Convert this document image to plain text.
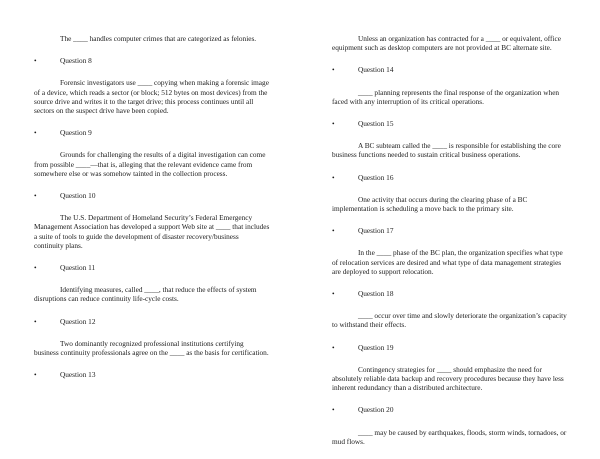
The ____ handles computer crimes that are categorized as felonies.

•	Question 8

Forensic investigators use ____ copying when making a forensic image of a device, which reads a sector (or block; 512 bytes on most devices) from the source drive and writes it to the target drive; this process continues until all sectors on the suspect drive have been copied.

•	Question 9

Grounds for challenging the results of a digital investigation can come from possible ____—that is, alleging that the relevant evidence came from somewhere else or was somehow tainted in the collection process.

•	Question 10

The U.S. Department of Homeland Security’s Federal Emergency Management Association has developed a support Web site at ____ that includes a suite of tools to guide the development of disaster recovery/business continuity plans.

•	Question 11

Identifying measures, called ____, that reduce the effects of system disruptions can reduce continuity life-cycle costs.

•	Question 12

Two dominantly recognized professional institutions certifying business continuity professionals agree on the ____ as the basis for certification.

•	Question 13

Unless an organization has contracted for a ____ or equivalent, office equipment such as desktop computers are not provided at BC alternate site.

•	Question 14

____ planning represents the final response of the organization when faced with any interruption of its critical operations.

•	Question 15

A BC subteam called the ____ is responsible for establishing the core business functions needed to sustain critical business operations.

•	Question 16

One activity that occurs during the clearing phase of a BC implementation is scheduling a move back to the primary site.

•	Question 17

In the ____ phase of the BC plan, the organization specifies what type of relocation services are desired and what type of data management strategies are deployed to support relocation.

•	Question 18

____ occur over time and slowly deteriorate the organization’s capacity to withstand their effects.

•	Question 19

Contingency strategies for ____ should emphasize the need for absolutely reliable data backup and recovery procedures because they have less inherent redundancy than a distributed architecture.

•	Question 20

____ may be caused by earthquakes, floods, storm winds, tornadoes, or mud flows.
